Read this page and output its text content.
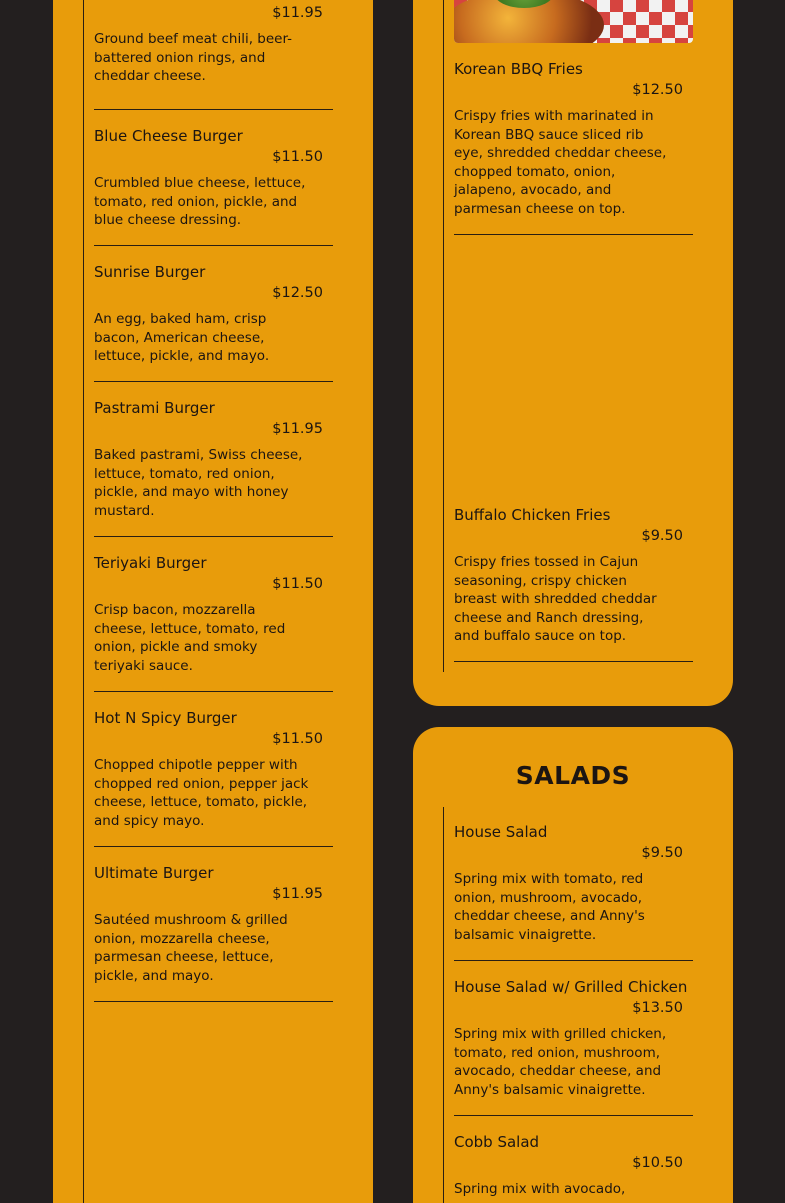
$11.95
Ground beef meat chili, beer-battered onion rings, and cheddar cheese.
Blue Cheese Burger
$11.50
Crumbled blue cheese, lettuce, tomato, red onion, pickle, and blue cheese dressing.
Sunrise Burger
$12.50
An egg, baked ham, crisp bacon, American cheese, lettuce, pickle, and mayo.
Pastrami Burger
$11.95
Baked pastrami, Swiss cheese, lettuce, tomato, red onion, pickle, and mayo with honey mustard.
Teriyaki Burger
$11.50
Crisp bacon, mozzarella cheese, lettuce, tomato, red onion, pickle and smoky teriyaki sauce.
Hot N Spicy Burger
$11.50
Chopped chipotle pepper with chopped red onion, pepper jack cheese, lettuce, tomato, pickle, and spicy mayo.
Ultimate Burger
$11.95
Sautéed mushroom & grilled onion, mozzarella cheese, parmesan cheese, lettuce, pickle, and mayo.
Korean BBQ Fries
$12.50
Crispy fries with marinated in Korean BBQ sauce sliced rib eye, shredded cheddar cheese, chopped tomato, onion, jalapeno, avocado, and parmesan cheese on top.
Buffalo Chicken Fries
$9.50
Crispy fries tossed in Cajun seasoning, crispy chicken breast with shredded cheddar cheese and Ranch dressing, and buffalo sauce on top.
SALADS
House Salad
$9.50
Spring mix with tomato, red onion, mushroom, avocado, cheddar cheese, and Anny's balsamic vinaigrette.
House Salad w/ Grilled Chicken
$13.50
Spring mix with grilled chicken, tomato, red onion, mushroom, avocado, cheddar cheese, and Anny's balsamic vinaigrette.
Cobb Salad
$10.50
Spring mix with avocado,
